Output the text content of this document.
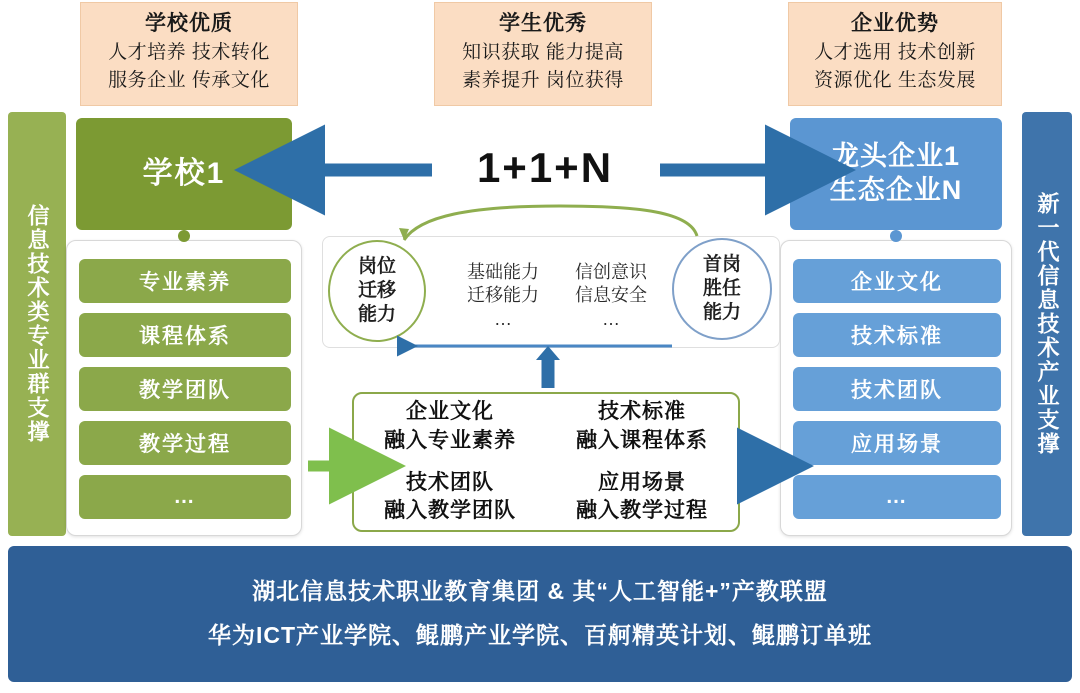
学校优质
人才培养 技术转化
服务企业 传承文化
学生优秀
知识获取 能力提高
素养提升 岗位获得
企业优势
人才选用 技术创新
资源优化 生态发展
信息技术类专业群支撑	新一代信息技术产业支撑
学校1
专业素养
课程体系
教学团队
教学过程
…
龙头企业1
生态企业N
企业文化
技术标准
技术团队
应用场景
…
1+1+N
基础能力
迁移能力
…
信创意识
信息安全
…
岗位
迁移
能力
首岗
胜任
能力
企业文化
融入专业素养
技术标准
融入课程体系
技术团队
融入教学团队
应用场景
融入教学过程
湖北信息技术职业教育集团 & 其“人工智能+”产教联盟
华为ICT产业学院、鲲鹏产业学院、百舸精英计划、鲲鹏订单班
